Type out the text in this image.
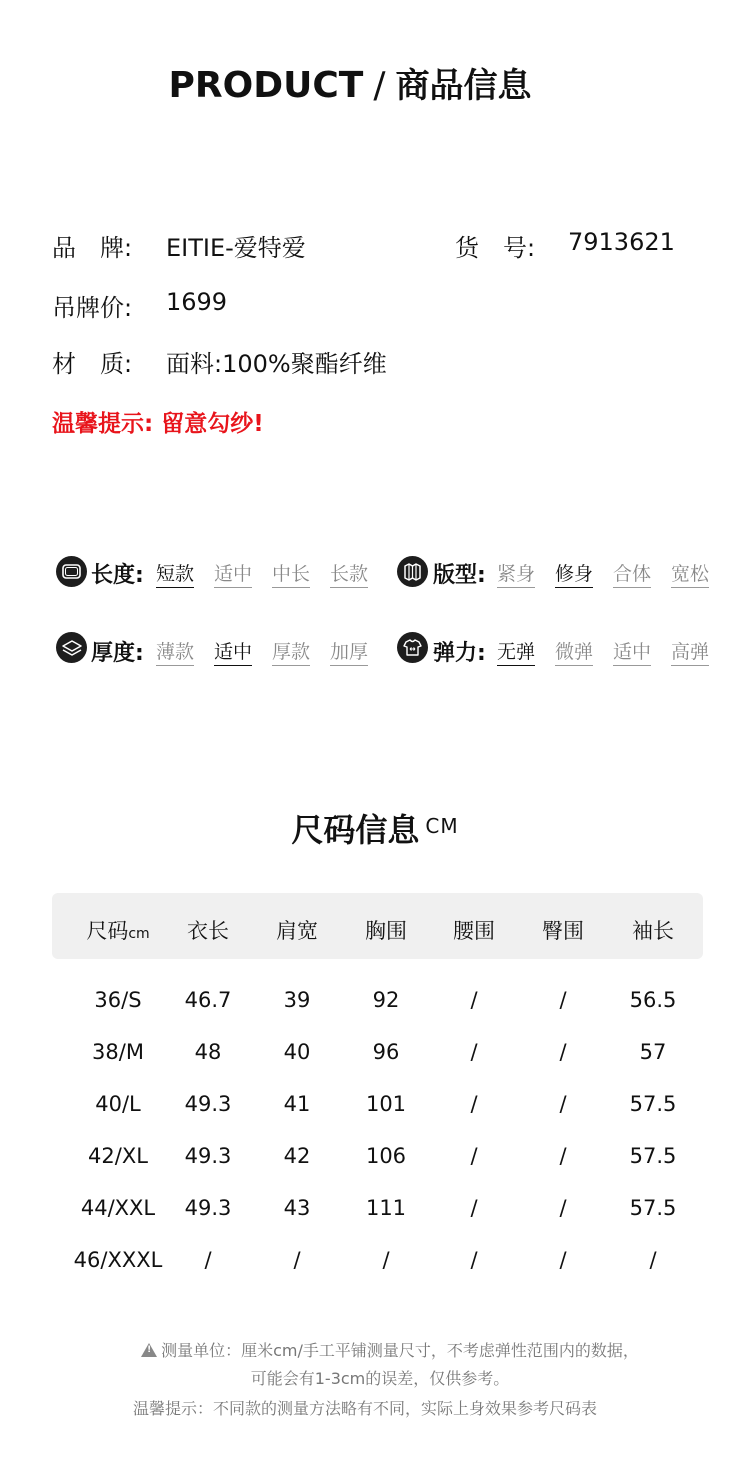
PRODUCT / 商品信息
品　牌: EITIE-爱特爱	货　号: 7913621
吊牌价: 1699
材　质: 面料:100%聚酯纤维
温馨提示: 留意勾纱!
长度: 短款 适中 中长 长款	版型: 紧身 修身 合体 宽松
厚度: 薄款 适中 厚款 加厚	弹力: 无弹 微弹 适中 高弹
尺码信息 $^{CM}$
尺码cm	衣长	肩宽	胸围	腰围	臀围	袖长
36/S	46.7	39	92	/	/	56.5
38/M	48	40	96	/	/	57
40/L	49.3	41	101	/	/	57.5
42/XL	49.3	42	106	/	/	57.5
44/XXL	49.3	43	111	/	/	57.5
46/XXXL	/	/	/	/	/	/
!测量单位：厘米cm/手工平铺测量尺寸，不考虑弹性范围内的数据，
可能会有1-3cm的误差，仅供参考。
温馨提示：不同款的测量方法略有不同，实际上身效果参考尺码表
